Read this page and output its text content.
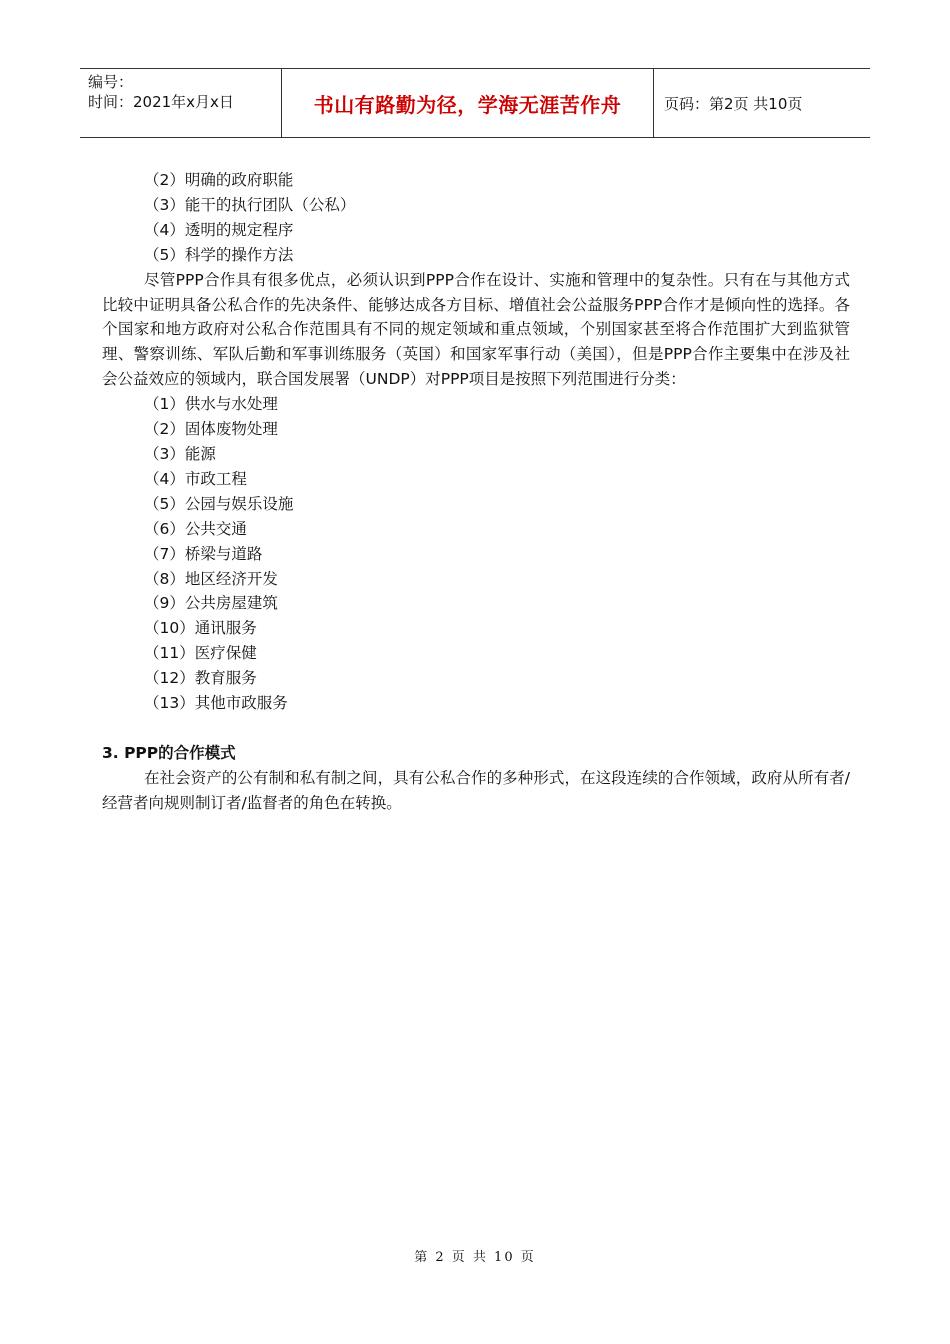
编号：
时间：2021年x月x日	书山有路勤为径，学海无涯苦作舟	页码：第2页 共10页
（2）明确的政府职能
（3）能干的执行团队（公私）
（4）透明的规定程序
（5）科学的操作方法

尽管PPP合作具有很多优点，必须认识到PPP合作在设计、实施和管理中的复杂性。只有在与其他方式比较中证明具备公私合作的先决条件、能够达成各方目标、增值社会公益服务PPP合作才是倾向性的选择。各个国家和地方政府对公私合作范围具有不同的规定领域和重点领域，个别国家甚至将合作范围扩大到监狱管理、警察训练、军队后勤和军事训练服务（英国）和国家军事行动（美国），但是PPP合作主要集中在涉及社会公益效应的领域内，联合国发展署（UNDP）对PPP项目是按照下列范围进行分类：

（1）供水与水处理
（2）固体废物处理
（3）能源
（4）市政工程
（5）公园与娱乐设施
（6）公共交通
（7）桥梁与道路
（8）地区经济开发
（9）公共房屋建筑
（10）通讯服务
（11）医疗保健
（12）教育服务
（13）其他市政服务
3. PPP的合作模式

在社会资产的公有制和私有制之间，具有公私合作的多种形式，在这段连续的合作领域，政府从所有者/经营者向规则制订者/监督者的角色在转换。

第 2 页 共 10 页
